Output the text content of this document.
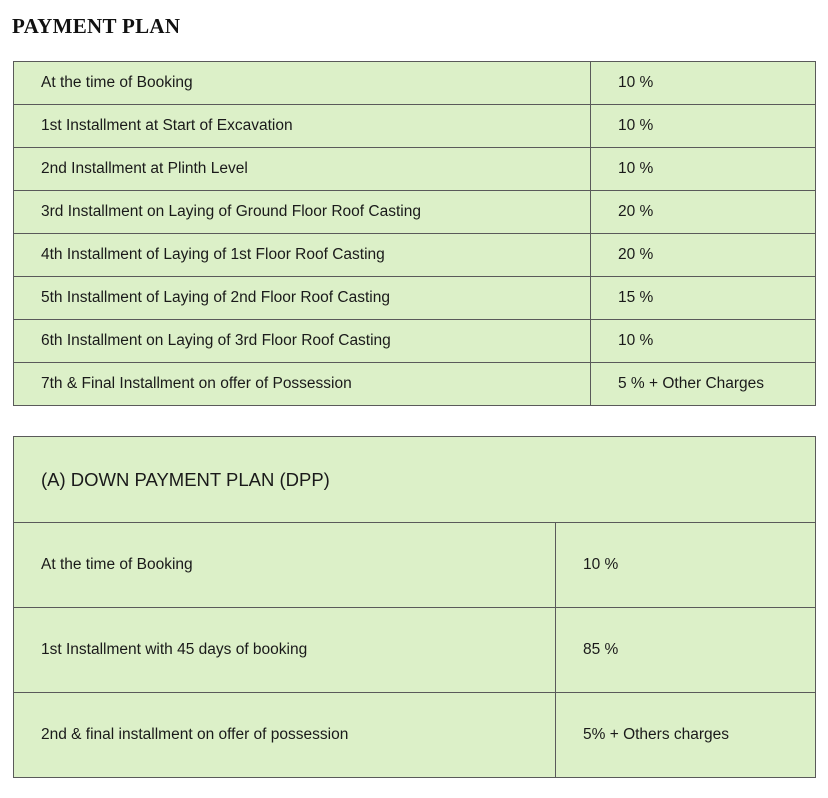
PAYMENT PLAN
At the time of Booking	10 %
1st Installment at Start of Excavation	10 %
2nd Installment at Plinth Level	10 %
3rd Installment on Laying of Ground Floor Roof Casting	20 %
4th Installment of Laying of 1st Floor Roof Casting	20 %
5th Installment of Laying of 2nd Floor Roof Casting	15 %
6th Installment on Laying of 3rd Floor Roof Casting	10 %
7th & Final Installment on offer of Possession	5 % + Other Charges
(A) DOWN PAYMENT PLAN (DPP)	
At the time of Booking	10 %
1st Installment with 45 days of booking	85 %
2nd & final installment on offer of possession	5% + Others charges
